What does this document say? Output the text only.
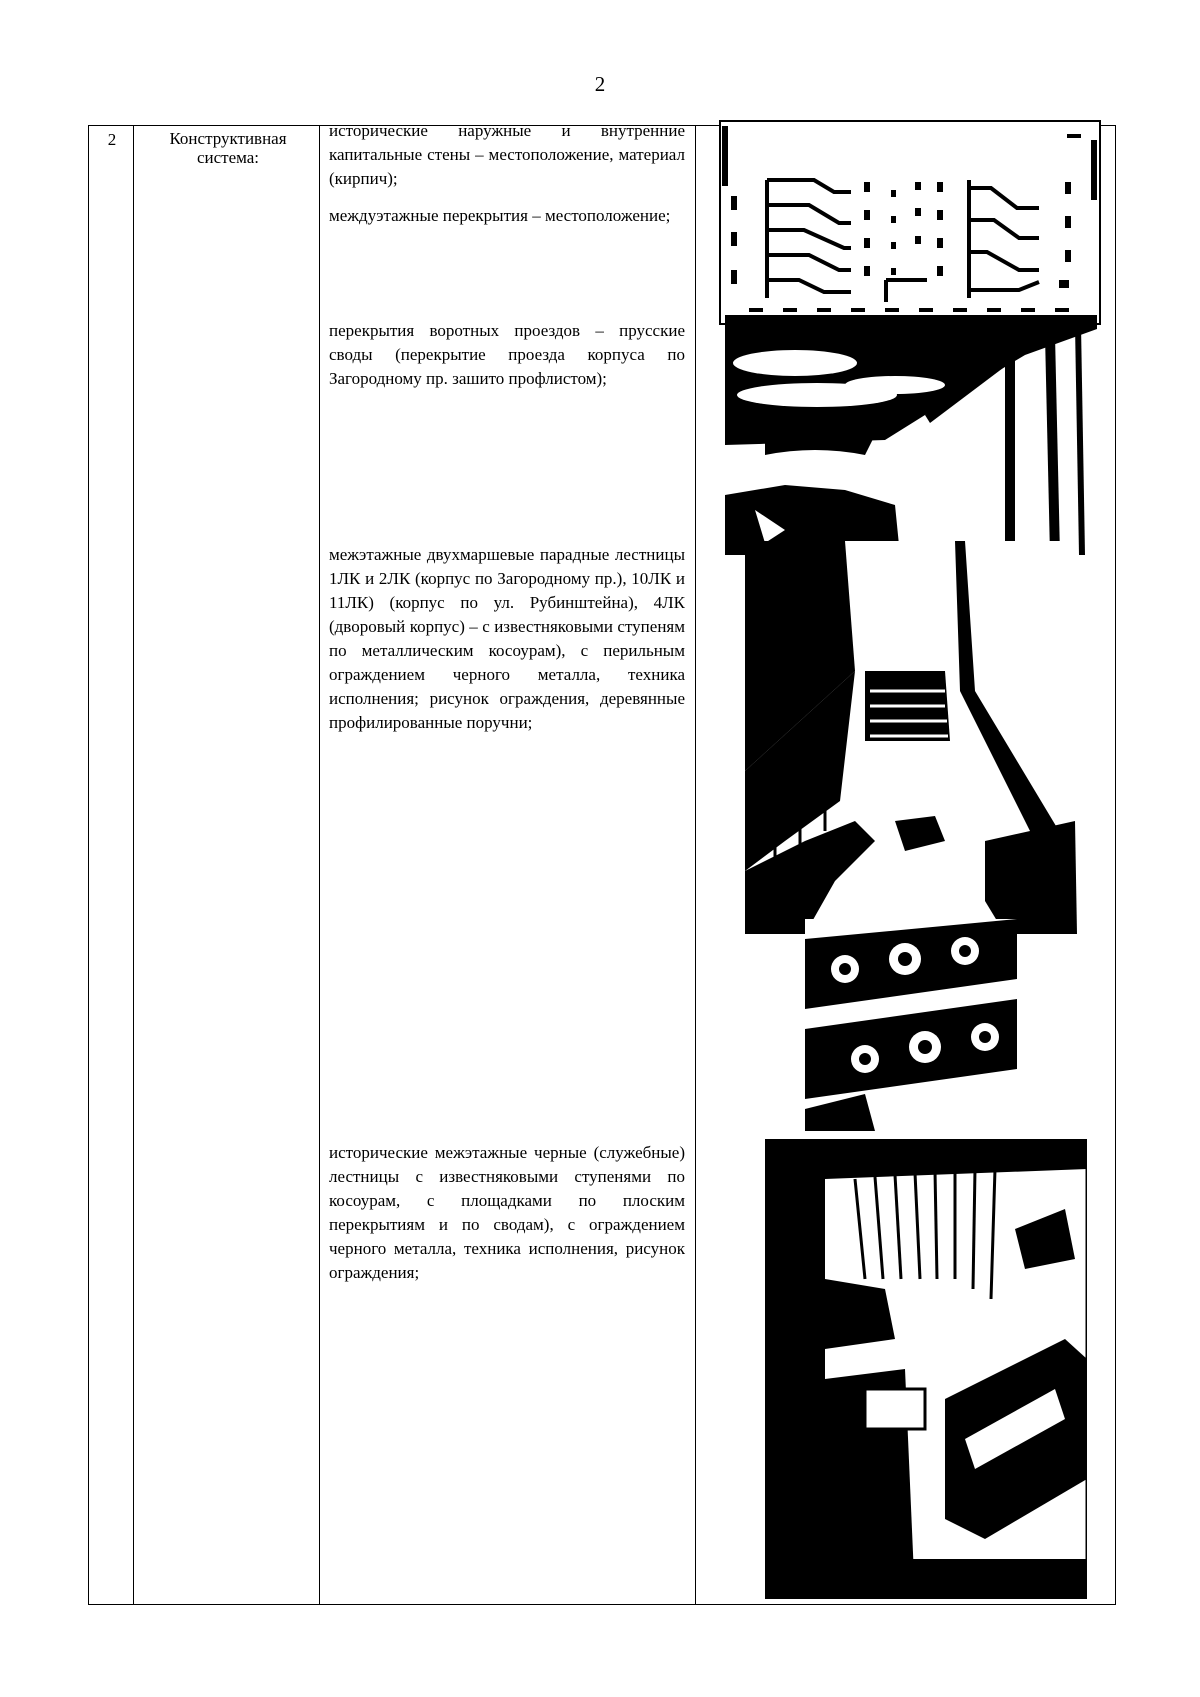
2
2	Конструктивная
система:
исторические наружные и внутренние капитальные стены – местоположение, материал (кирпич);
междуэтажные перекрытия – местоположение;
перекрытия воротных проездов – прусские своды (перекрытие проезда корпуса по Загородному пр. зашито профлистом);
межэтажные двухмаршевые парадные лестницы 1ЛК и 2ЛК (корпус по Загородному пр.), 10ЛК и 11ЛК) (корпус по ул. Рубинштейна), 4ЛК (дворовый корпус) – с известняковыми ступеням по металлическим косоурам), с перильным ограждением черного металла, техника исполнения; рисунок ограждения, деревянные профилированные поручни;
исторические межэтажные черные (служебные) лестницы с известняковыми ступенями по косоурам, с площадками по плоским перекрытиям и по сводам), с ограждением черного металла, техника исполнения, рисунок ограждения;
